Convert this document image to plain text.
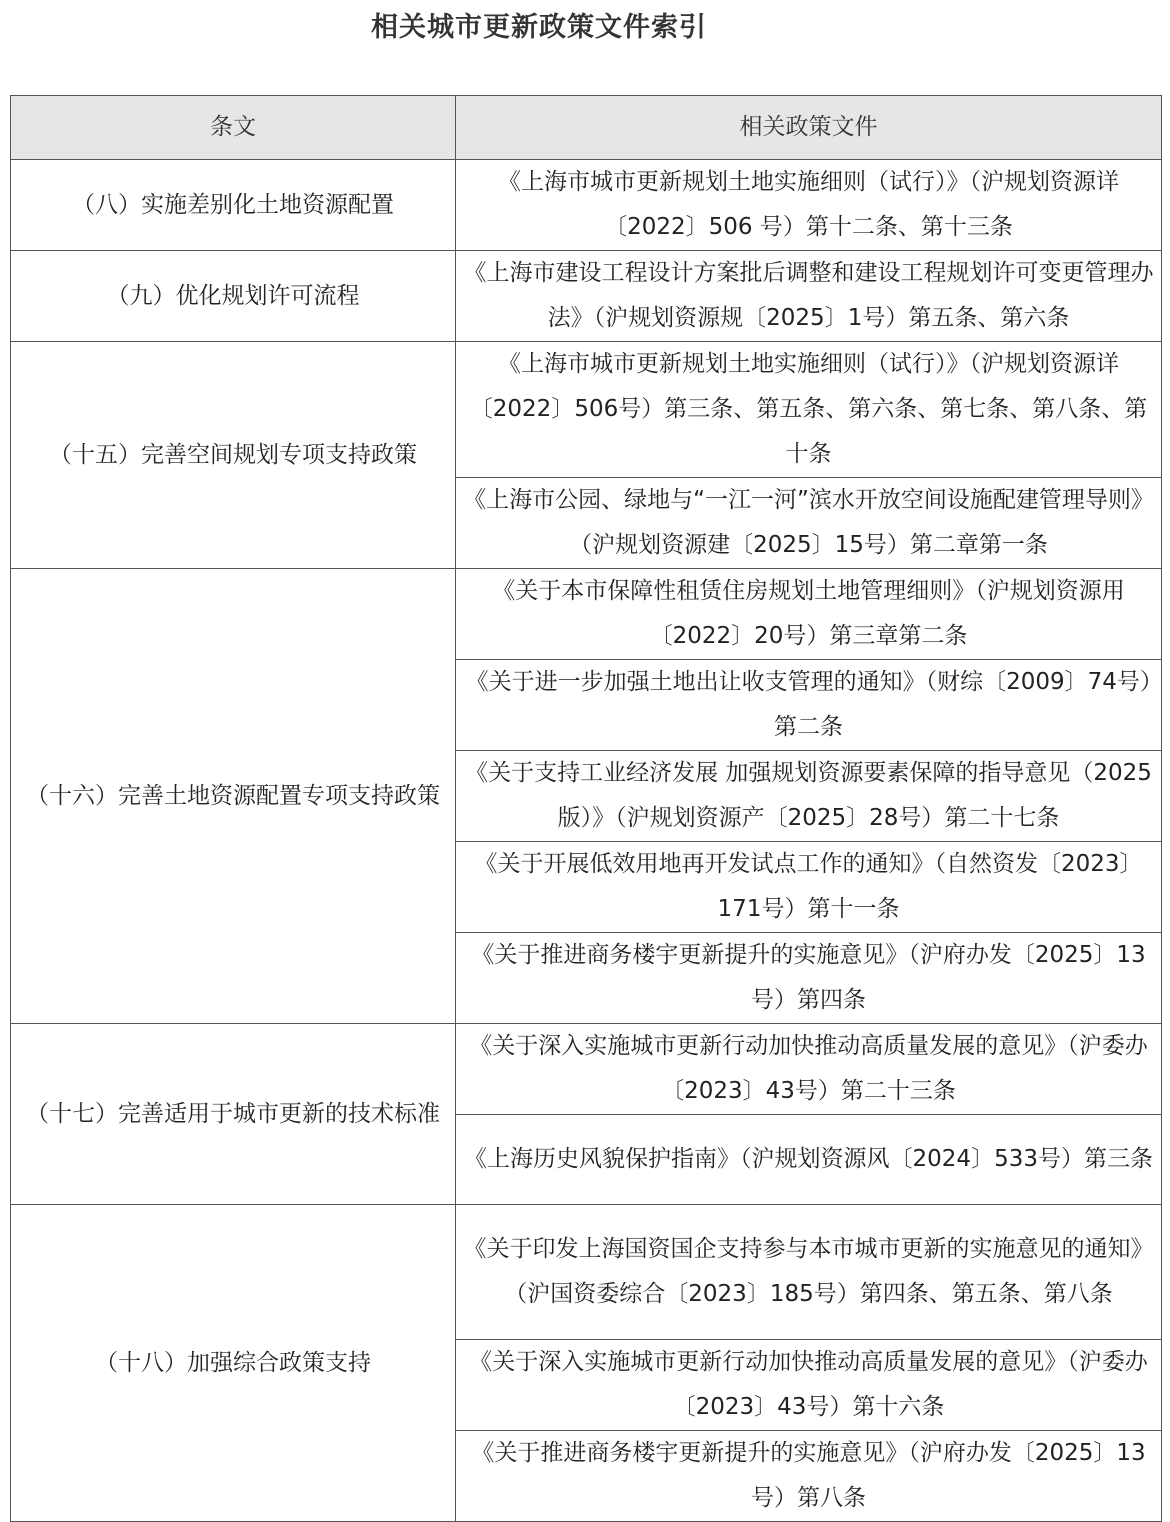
相关城市更新政策文件索引
条文	相关政策文件
（八）实施差别化土地资源配置	《上海市城市更新规划土地实施细则（试行）》（沪规划资源详〔2022〕506 号）第十二条、第十三条
（九）优化规划许可流程	《上海市建设工程设计方案批后调整和建设工程规划许可变更管理办法》（沪规划资源规〔2025〕1号）第五条、第六条
（十五）完善空间规划专项支持政策	《上海市城市更新规划土地实施细则（试行）》（沪规划资源详〔2022〕506号）第三条、第五条、第六条、第七条、第八条、第十条
	《上海市公园、绿地与“一江一河”滨水开放空间设施配建管理导则》（沪规划资源建〔2025〕15号）第二章第一条
（十六）完善土地资源配置专项支持政策	《关于本市保障性租赁住房规划土地管理细则》（沪规划资源用〔2022〕20号）第三章第二条
	《关于进一步加强土地出让收支管理的通知》（财综〔2009〕74号）第二条
	《关于支持工业经济发展 加强规划资源要素保障的指导意见（2025版）》（沪规划资源产〔2025〕28号）第二十七条
	《关于开展低效用地再开发试点工作的通知》（自然资发〔2023〕171号）第十一条
	《关于推进商务楼宇更新提升的实施意见》（沪府办发〔2025〕13号）第四条
（十七）完善适用于城市更新的技术标准	《关于深入实施城市更新行动加快推动高质量发展的意见》（沪委办〔2023〕43号）第二十三条
	《上海历史风貌保护指南》（沪规划资源风〔2024〕533号）第三条
（十八）加强综合政策支持	《关于印发上海国资国企支持参与本市城市更新的实施意见的通知》（沪国资委综合〔2023〕185号）第四条、第五条、第八条
	《关于深入实施城市更新行动加快推动高质量发展的意见》（沪委办〔2023〕43号）第十六条
	《关于推进商务楼宇更新提升的实施意见》（沪府办发〔2025〕13号）第八条
